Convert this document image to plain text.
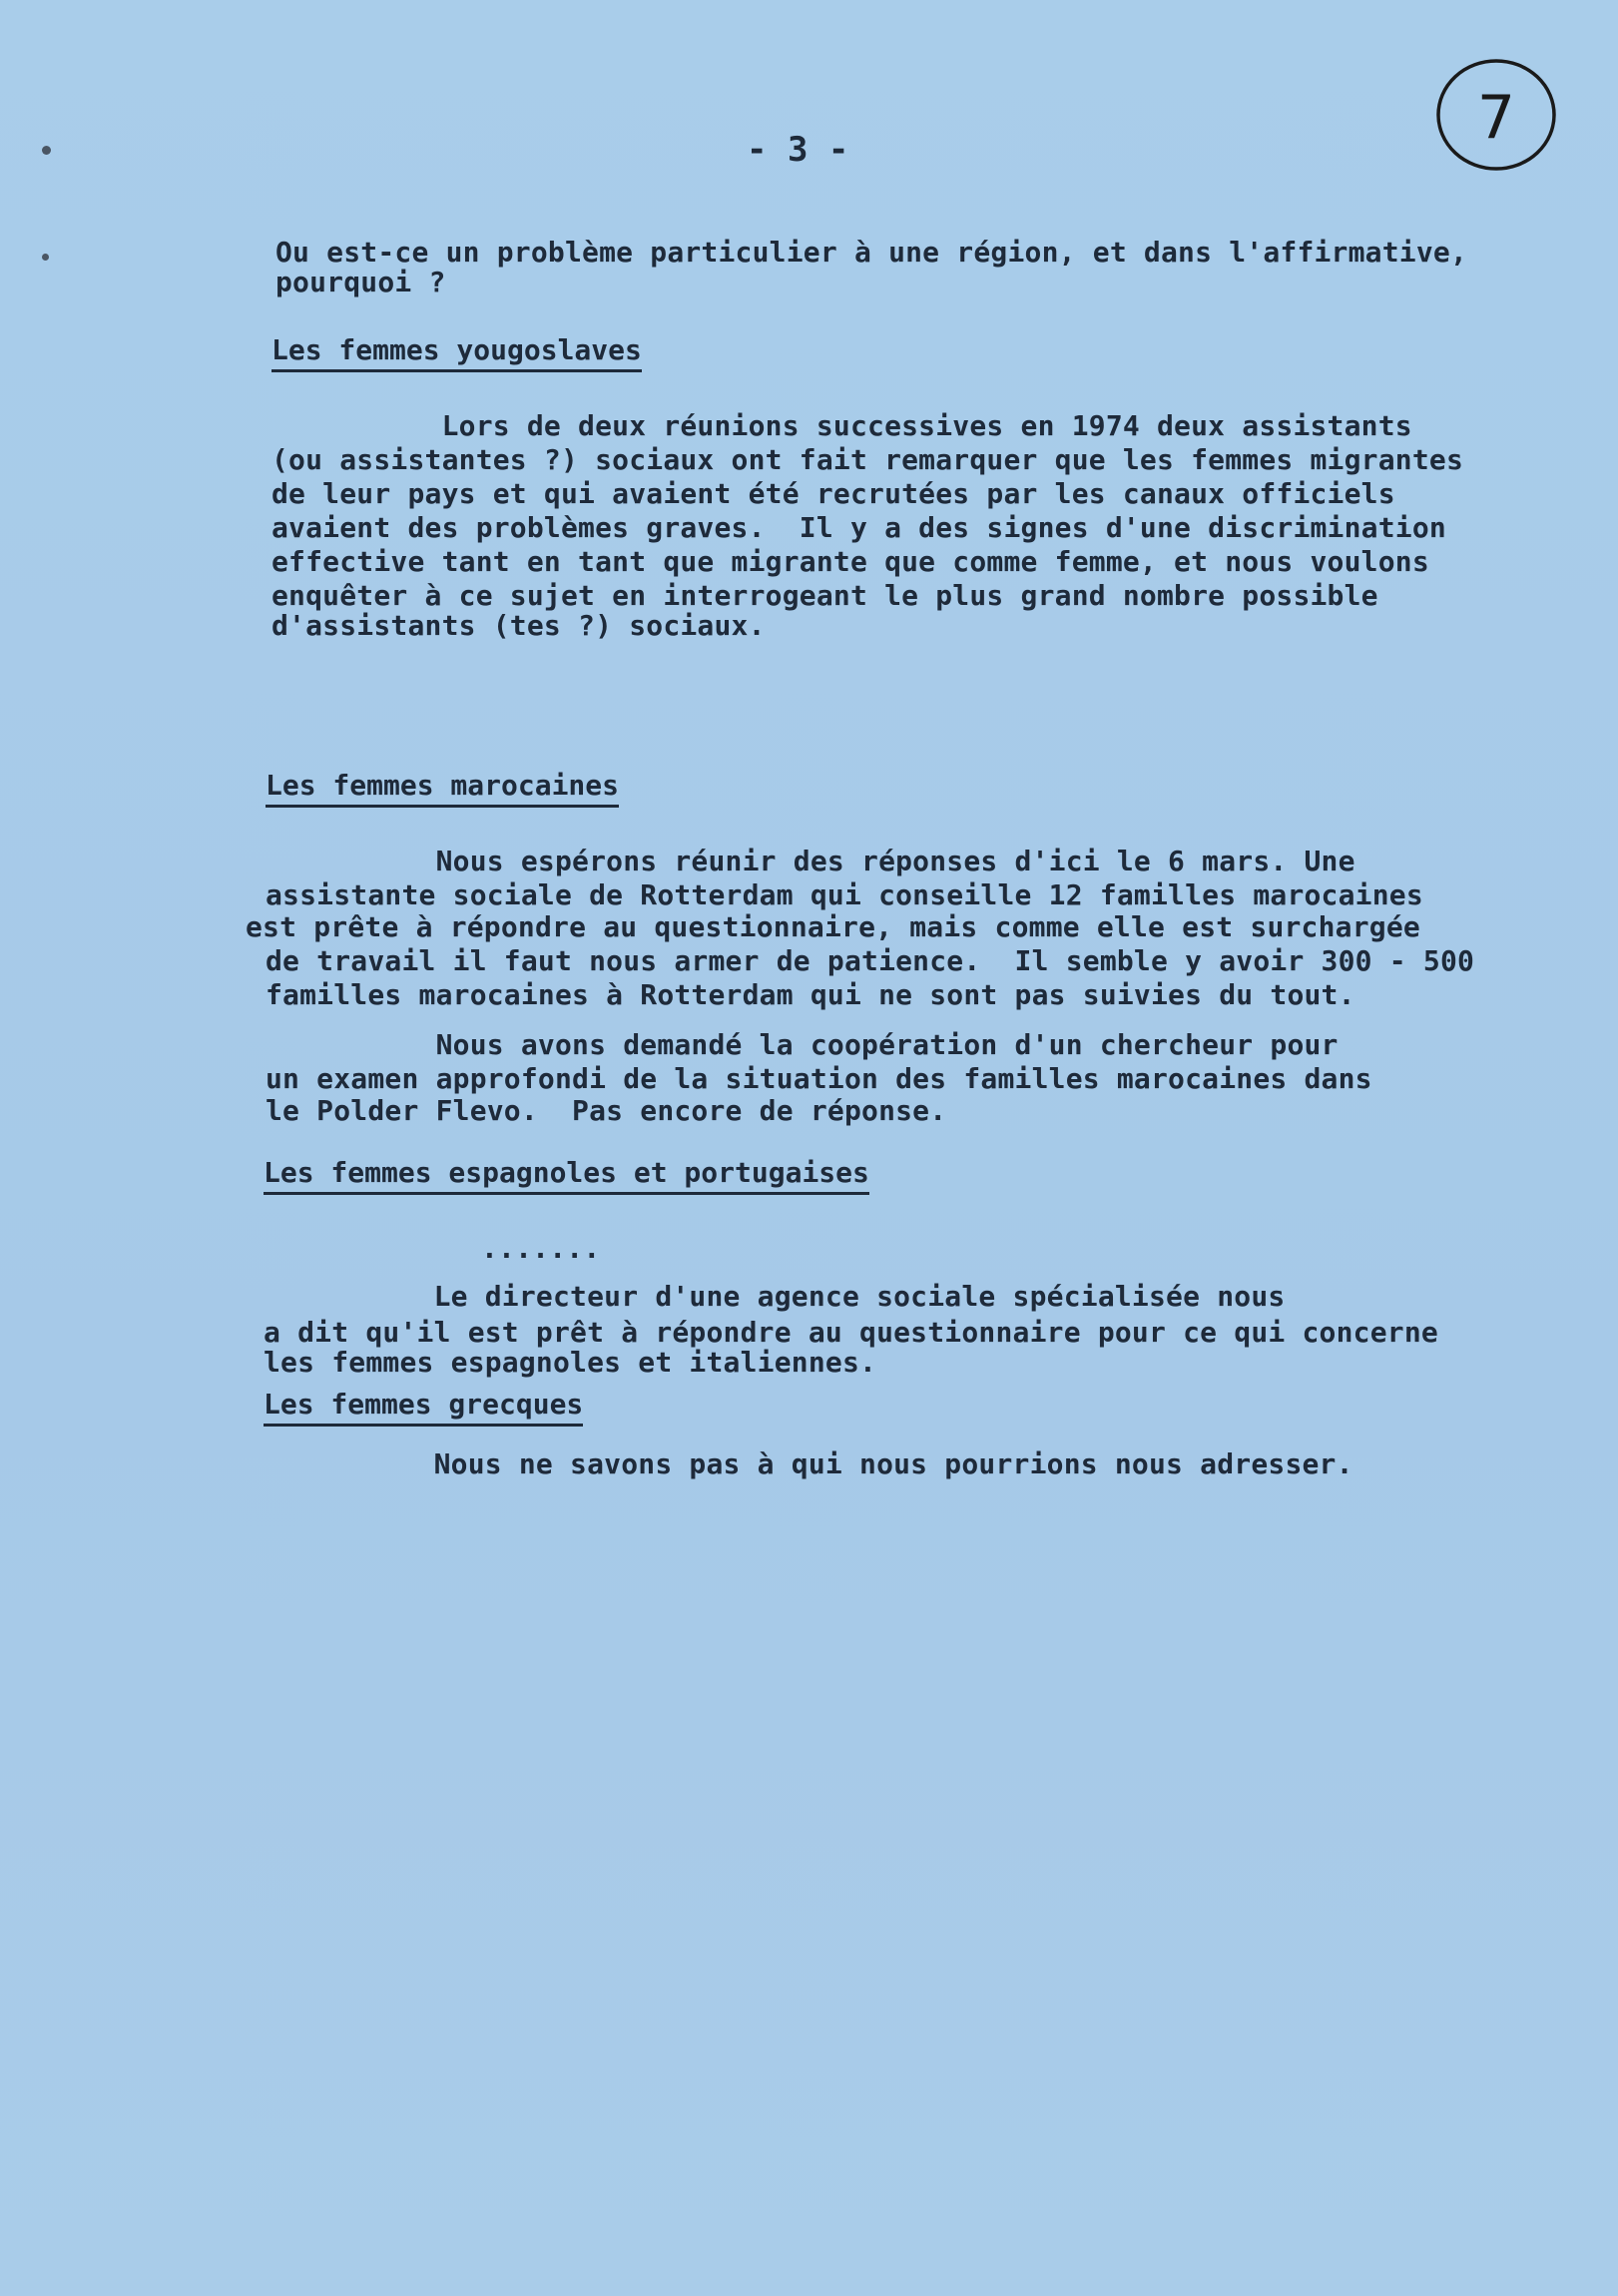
- 3 -	7
Ou est-ce un problème particulier à une région, et dans l'affirmative,
pourquoi ?
Les femmes yougoslaves
Lors de deux réunions successives en 1974 deux assistants
(ou assistantes ?) sociaux ont fait remarquer que les femmes migrantes
de leur pays et qui avaient été recrutées par les canaux officiels
avaient des problèmes graves.  Il y a des signes d'une discrimination
effective tant en tant que migrante que comme femme, et nous voulons
enquêter à ce sujet en interrogeant le plus grand nombre possible
d'assistants (tes ?) sociaux.
Les femmes marocaines
Nous espérons réunir des réponses d'ici le 6 mars. Une
assistante sociale de Rotterdam qui conseille 12 familles marocaines
est prête à répondre au questionnaire, mais comme elle est surchargée
de travail il faut nous armer de patience.  Il semble y avoir 300 - 500
familles marocaines à Rotterdam qui ne sont pas suivies du tout.
Nous avons demandé la coopération d'un chercheur pour
un examen approfondi de la situation des familles marocaines dans
le Polder Flevo.  Pas encore de réponse.
Les femmes espagnoles et portugaises
.......
Le directeur d'une agence sociale spécialisée nous
a dit qu'il est prêt à répondre au questionnaire pour ce qui concerne
les femmes espagnoles et italiennes.
Les femmes grecques
Nous ne savons pas à qui nous pourrions nous adresser.
